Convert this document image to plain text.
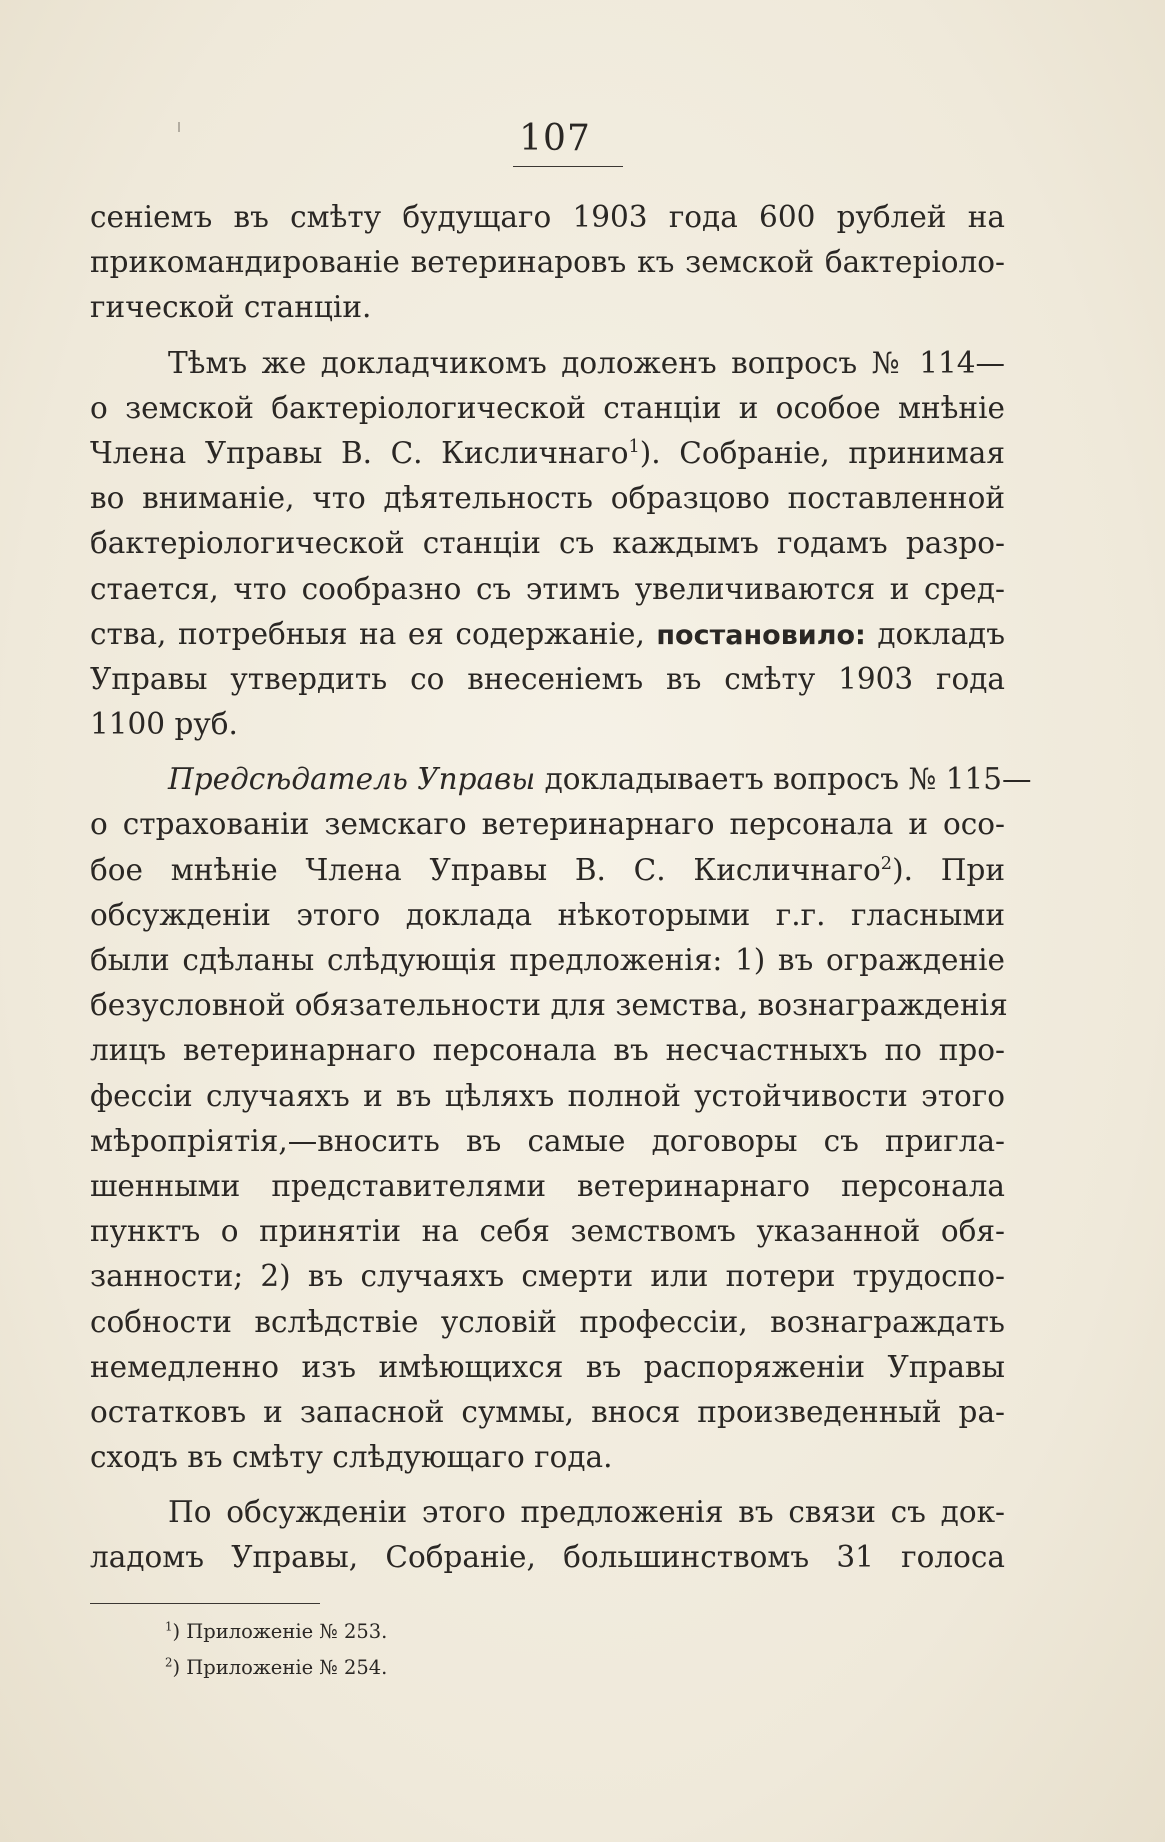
107
сеніемъ въ смѣту будущаго 1903 года 600 рублей на
прикомандированіе ветеринаровъ къ земской бактеріоло-
гической станціи.
Тѣмъ же докладчикомъ доложенъ вопросъ № 114—
о земской бактеріологической станціи и особое мнѣніе
Члена Управы В. С. Кисличнаго$^1$). Собраніе, принимая
во вниманіе, что дѣятельность образцово поставленной
бактеріологической станціи съ каждымъ годамъ разро-
стается, что сообразно съ этимъ увеличиваются и сред-
ства, потребныя на ея содержаніе, постановило: докладъ
Управы утвердить со внесеніемъ въ смѣту 1903 года
1100 руб.
Предсѣдатель Управы докладываетъ вопросъ № 115—
о страхованіи земскаго ветеринарнаго персонала и осо-
бое мнѣніе Члена Управы В. С. Кисличнаго$^2$). При
обсужденіи этого доклада нѣкоторыми г.г. гласными
были сдѣланы слѣдующія предложенія: 1) въ огражденіе
безусловной обязательности для земства, вознагражденія
лицъ ветеринарнаго персонала въ несчастныхъ по про-
фессіи случаяхъ и въ цѣляхъ полной устойчивости этого
мѣропріятія,—вносить въ самые договоры съ пригла-
шенными представителями ветеринарнаго персонала
пунктъ о принятіи на себя земствомъ указанной обя-
занности; 2) въ случаяхъ смерти или потери трудоспо-
собности вслѣдствіе условій профессіи, вознаграждать
немедленно изъ имѣющихся въ распоряженіи Управы
остатковъ и запасной суммы, внося произведенный ра-
сходъ въ смѣту слѣдующаго года.
По обсужденіи этого предложенія въ связи съ док-
ладомъ Управы, Собраніе, большинствомъ 31 голоса
$^1$) Приложеніе № 253.
$^2$) Приложеніе № 254.
